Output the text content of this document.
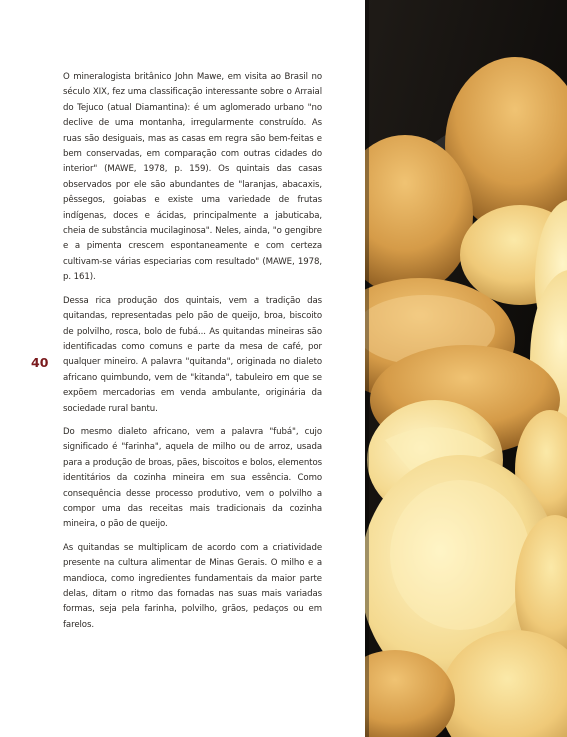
O mineralogista britânico John Mawe, em visita ao Brasil no século XIX, fez uma classificação interessante sobre o Arraial do Tejuco (atual Diamantina): é um aglomerado urbano "no declive de uma montanha, irregularmente construído. As ruas são desiguais, mas as casas em regra são bem-feitas e bem conservadas, em comparação com outras cidades do interior" (MAWE, 1978, p. 159). Os quintais das casas observados por ele são abundantes de "laranjas, abacaxis, pêssegos, goiabas e existe uma variedade de frutas indígenas, doces e ácidas, principalmente a jabuticaba, cheia de substância mucilaginosa". Neles, ainda, "o gengibre e a pimenta crescem espontaneamente e com certeza cultivam-se várias especiarias com resultado" (MAWE, 1978, p. 161).

Dessa rica produção dos quintais, vem a tradição das quitandas, representadas pelo pão de queijo, broa, biscoito de polvilho, rosca, bolo de fubá... As quitandas mineiras são identificadas como comuns e parte da mesa de café, por qualquer mineiro. A palavra "quitanda", originada no dialeto africano quimbundo, vem de "kitanda", tabuleiro em que se expõem mercadorias em venda ambulante, originária da sociedade rural bantu.

Do mesmo dialeto africano, vem a palavra "fubá", cujo significado é "farinha", aquela de milho ou de arroz, usada para a produção de broas, pães, biscoitos e bolos, elementos identitários da cozinha mineira em sua essência. Como consequência desse processo produtivo, vem o polvilho a compor uma das receitas mais tradicionais da cozinha mineira, o pão de queijo.

As quitandas se multiplicam de acordo com a criatividade presente na cultura alimentar de Minas Gerais. O milho e a mandioca, como ingredientes fundamentais da maior parte delas, ditam o ritmo das fornadas nas suas mais variadas formas, seja pela farinha, polvilho, grãos, pedaços ou em farelos.

40
